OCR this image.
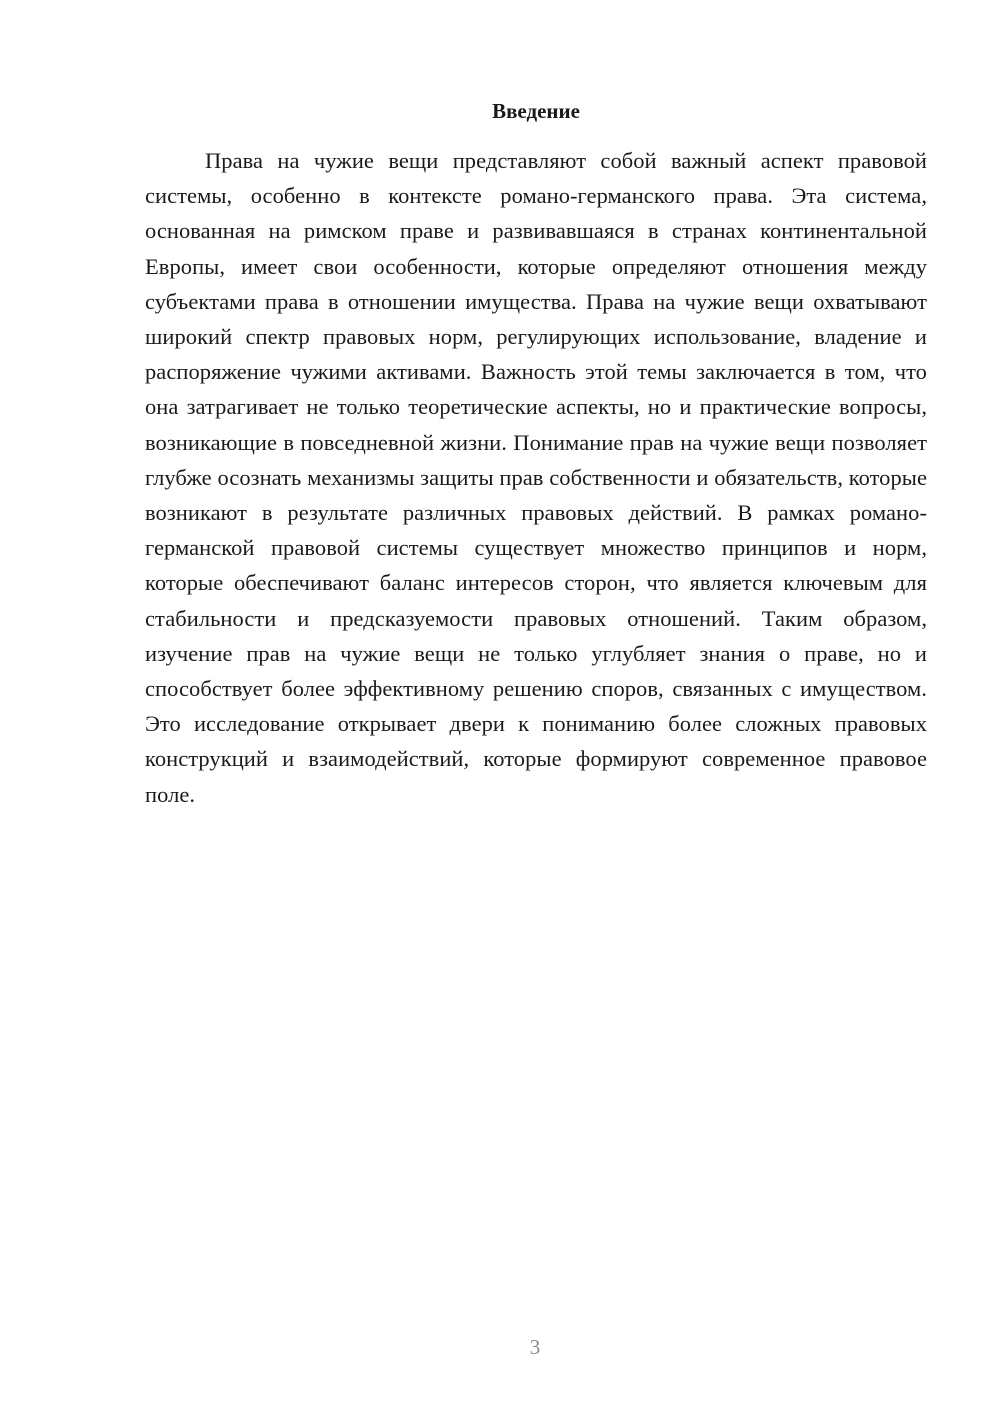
Введение

Права на чужие вещи представляют собой важный аспект правовой системы, особенно в контексте романо-германского права. Эта система, основанная на римском праве и развивавшаяся в странах континентальной Европы, имеет свои особенности, которые определяют отношения между субъектами права в отношении имущества. Права на чужие вещи охватывают широкий спектр правовых норм, регулирующих использование, владение и распоряжение чужими активами. Важность этой темы заключается в том, что она затрагивает не только теоретические аспекты, но и практические вопросы, возникающие в повседневной жизни. Понимание прав на чужие вещи позволяет глубже осознать механизмы защиты прав собственности и обязательств, которые возникают в результате различных правовых действий. В рамках романо-германской правовой системы существует множество принципов и норм, которые обеспечивают баланс интересов сторон, что является ключевым для стабильности и предсказуемости правовых отношений. Таким образом, изучение прав на чужие вещи не только углубляет знания о праве, но и способствует более эффективному решению споров, связанных с имуществом. Это исследование открывает двери к пониманию более сложных правовых конструкций и взаимодействий, которые формируют современное правовое поле.

3
